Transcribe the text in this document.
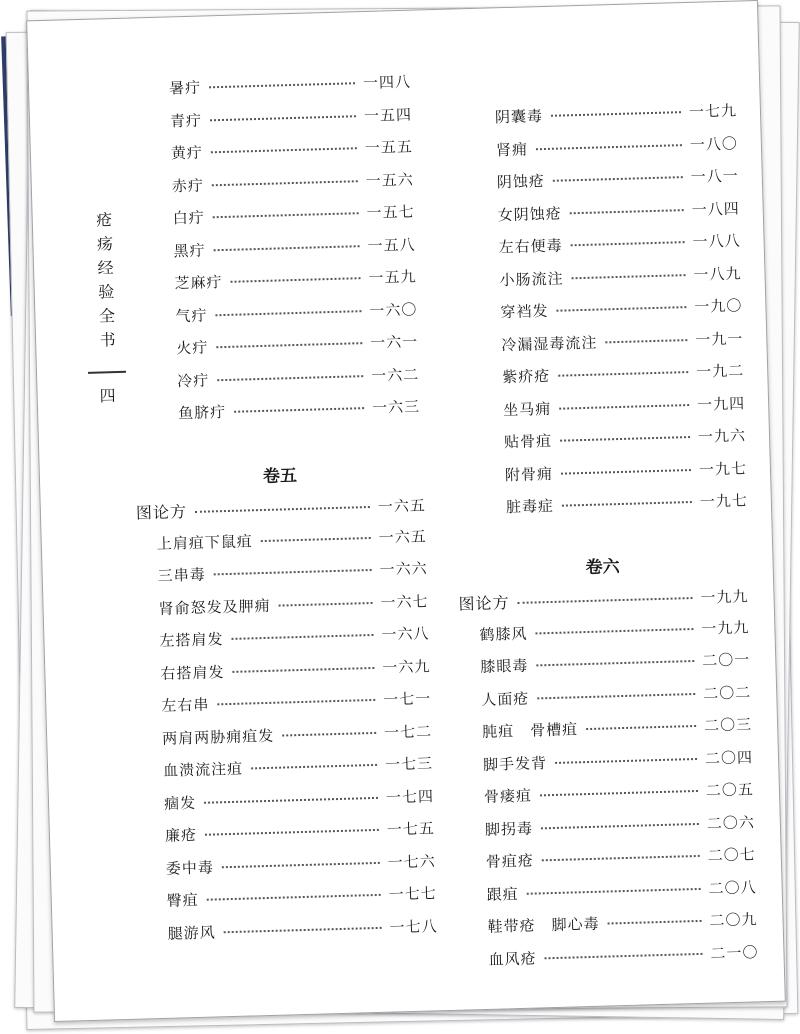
疮疡经验全书
四
暑疔	一四八
青疔	一五四
黄疔	一五五
赤疔	一五六
白疔	一五七
黑疔	一五八
芝麻疔	一五九
气疔	一六〇
火疔	一六一
冷疔	一六二
鱼脐疔	一六三
阴囊毒	一七九
肾痈	一八〇
阴蚀疮	一八一
女阴蚀疮	一八四
左右便毒	一八八
小肠流注	一八九
穿裆发	一九〇
冷漏湿毒流注	一九一
紫疥疮	一九二
坐马痈	一九四
贴骨疽	一九六
附骨痈	一九七
脏毒症	一九七
卷五
图论方	一六五
上肩疽下鼠疽	一六五
三串毒	一六六
肾俞怒发及胛痈	一六七
左搭肩发	一六八
右搭肩发	一六九
左右串	一七一
两肩两胁痈疽发	一七二
血溃流注疽	一七三
痼发	一七四
廉疮	一七五
委中毒	一七六
臀疽	一七七
腿游风	一七八
卷六
图论方	一九九
鹤膝风	一九九
膝眼毒	二〇一
人面疮	二〇二
肫疽　骨槽疽	二〇三
脚手发背	二〇四
骨瘘疽	二〇五
脚拐毒	二〇六
骨疽疮	二〇七
跟疽	二〇八
鞋带疮　脚心毒	二〇九
血风疮	二一〇
